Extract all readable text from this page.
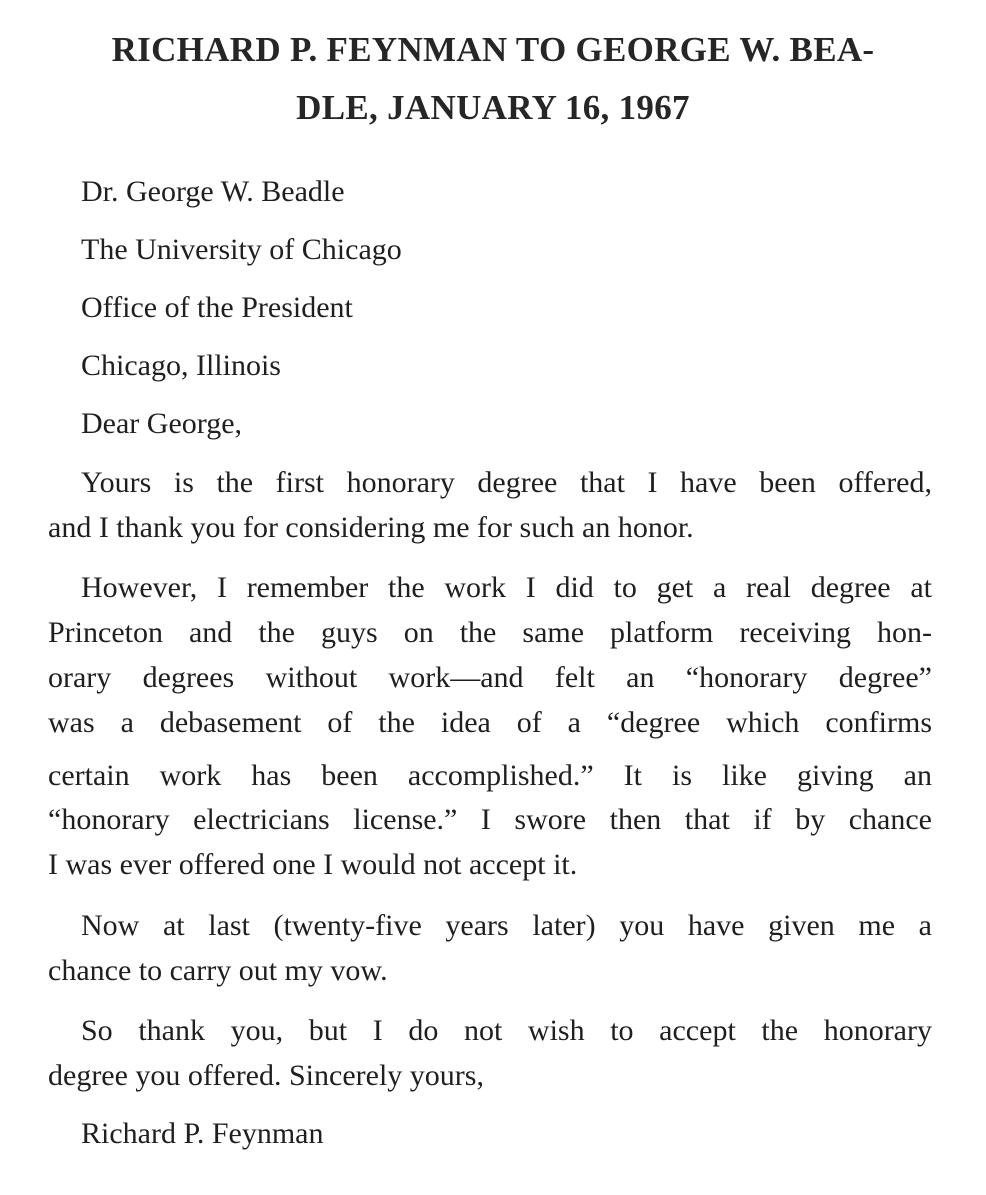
RICHARD P. FEYNMAN TO GEORGE W. BEA-
DLE, JANUARY 16, 1967
Dr. George W. Beadle
The University of Chicago
Office of the President
Chicago, Illinois
Dear George,
Yours is the first honorary degree that I have been offered,
and I thank you for considering me for such an honor.
However, I remember the work I did to get a real degree at
Princeton and the guys on the same platform receiving hon-
orary degrees without work—and felt an “honorary degree”
was a debasement of the idea of a “degree which confirms
certain work has been accomplished.” It is like giving an
“honorary electricians license.” I swore then that if by chance
I was ever offered one I would not accept it.
Now at last (twenty-five years later) you have given me a
chance to carry out my vow.
So thank you, but I do not wish to accept the honorary
degree you offered. Sincerely yours,
Richard P. Feynman
